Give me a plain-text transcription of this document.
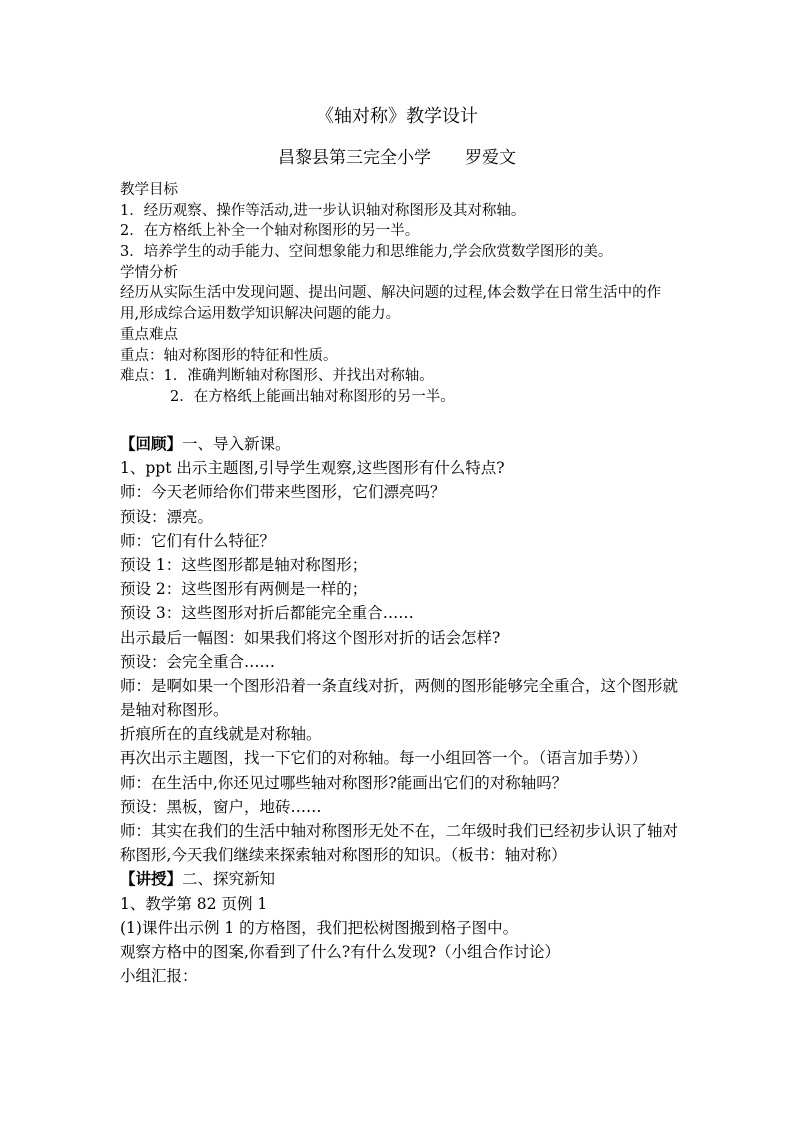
《轴对称》教学设计
昌黎县第三完全小学 罗爱文
教学目标
1．经历观察、操作等活动,进一步认识轴对称图形及其对称轴。
2．在方格纸上补全一个轴对称图形的另一半。
3．培养学生的动手能力、空间想象能力和思维能力,学会欣赏数学图形的美。
学情分析
经历从实际生活中发现问题、提出问题、解决问题的过程,体会数学在日常生活中的作用,形成综合运用数学知识解决问题的能力。
重点难点
重点：轴对称图形的特征和性质。
难点：1．准确判断轴对称图形、并找出对称轴。
2．在方格纸上能画出轴对称图形的另一半。
【回顾】一、导入新课。
1、ppt 出示主题图,引导学生观察,这些图形有什么特点?
师：今天老师给你们带来些图形，它们漂亮吗？
预设：漂亮。
师：它们有什么特征？
预设 1：这些图形都是轴对称图形；
预设 2：这些图形有两侧是一样的；
预设 3：这些图形对折后都能完全重合……
出示最后一幅图：如果我们将这个图形对折的话会怎样?
预设：会完全重合……
师：是啊如果一个图形沿着一条直线对折，两侧的图形能够完全重合，这个图形就是轴对称图形。
折痕所在的直线就是对称轴。
再次出示主题图，找一下它们的对称轴。每一小组回答一个。（语言加手势））
师：在生活中,你还见过哪些轴对称图形?能画出它们的对称轴吗？
预设：黑板，窗户，地砖……
师：其实在我们的生活中轴对称图形无处不在，二年级时我们已经初步认识了轴对称图形,今天我们继续来探索轴对称图形的知识。（板书：轴对称）
【讲授】二、探究新知
1、教学第 82 页例 1
(1)课件出示例 1 的方格图，我们把松树图搬到格子图中。
观察方格中的图案,你看到了什么?有什么发现?（小组合作讨论）
小组汇报：
